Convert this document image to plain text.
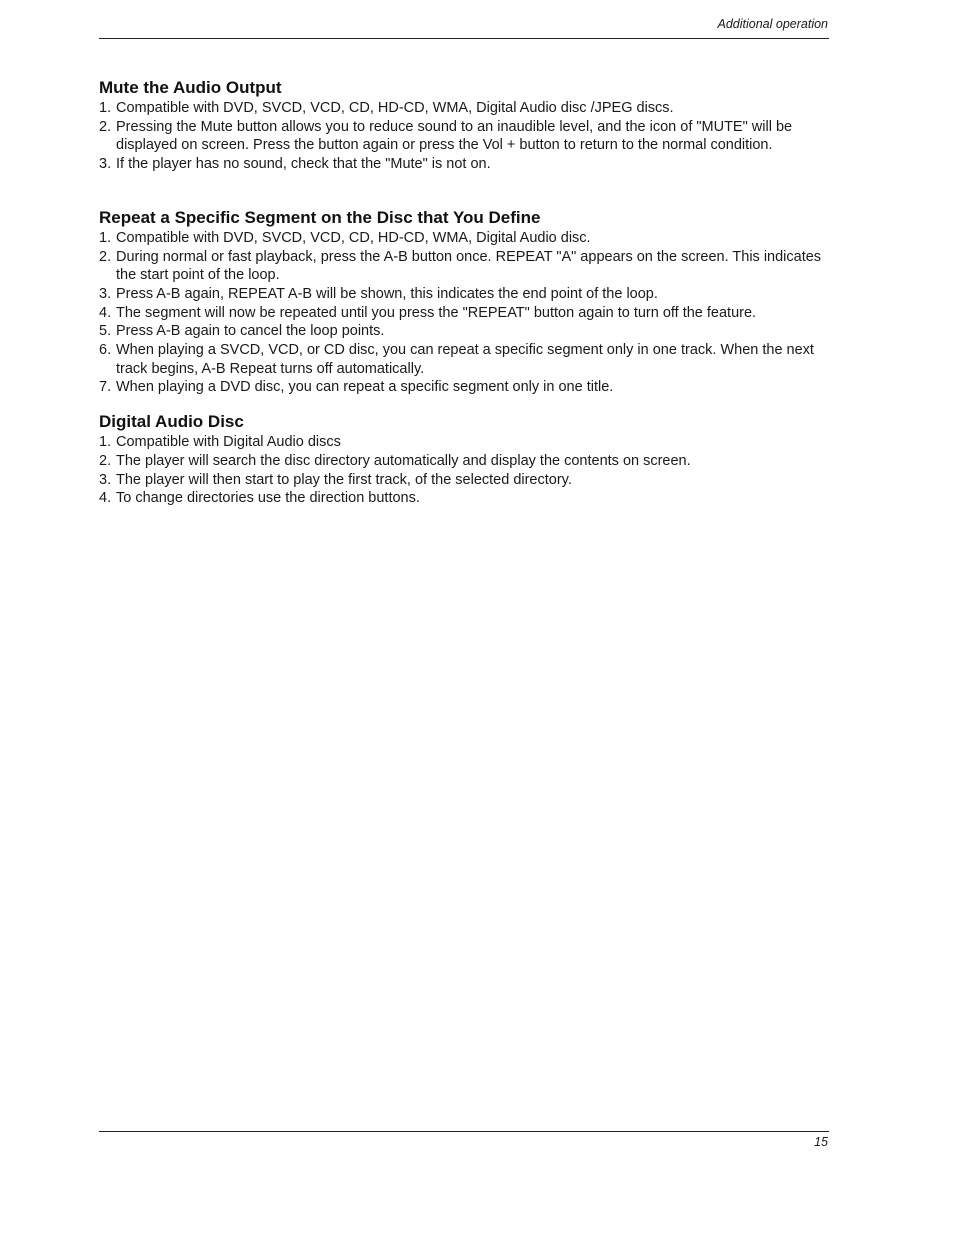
Additional operation
Mute the Audio Output
1. Compatible with DVD, SVCD, VCD, CD, HD-CD, WMA, Digital Audio disc /JPEG discs.
2. Pressing the Mute button allows you to reduce sound to an inaudible level, and the icon of "MUTE" will be displayed on screen. Press the button again or press the Vol + button to return to the normal condition.
3. If the player has no sound, check that the "Mute" is not on.
Repeat a Specific Segment on the Disc that You Define
1. Compatible with DVD, SVCD, VCD, CD, HD-CD, WMA, Digital Audio disc.
2. During normal or fast playback, press the A-B button once. REPEAT "A" appears on the screen. This indicates the start point of the loop.
3. Press A-B again, REPEAT A-B will be shown, this indicates the end point of the loop.
4. The segment will now be repeated until you press the "REPEAT" button again to turn off the feature.
5. Press A-B again to cancel the loop points.
6. When playing a SVCD, VCD, or CD disc, you can repeat a specific segment only in one track. When the next track begins, A-B Repeat turns off automatically.
7. When playing a DVD disc, you can repeat a specific segment only in one title.
Digital Audio Disc
1. Compatible with Digital Audio discs
2. The player will search the disc directory automatically and display the contents on screen.
3. The player will then start to play the first track, of the selected directory.
4. To change directories use the direction buttons.
15
